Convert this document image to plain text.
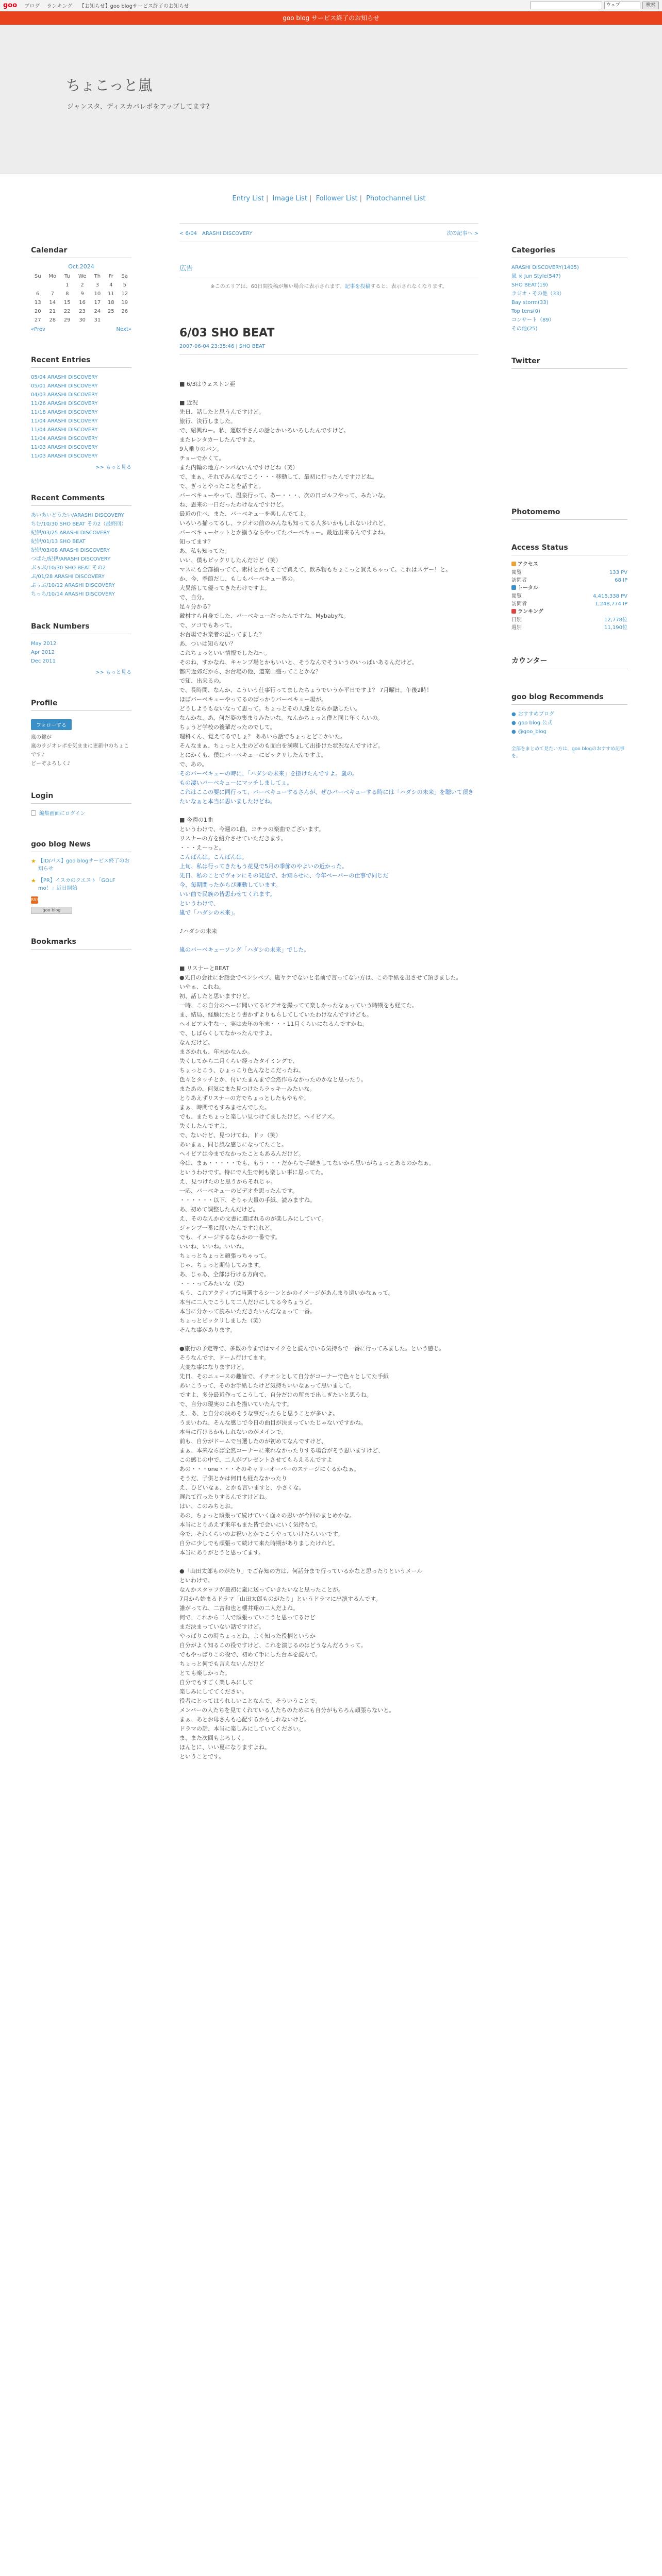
goo ブログ ランキング 【お知らせ】goo blogサービス終了のお知らせ	ウェブ	検索
goo blog サービス終了のお知らせ
ちょこっと嵐
ジャンスタ、ディスカバレポをアップしてます?
Calendar
Oct.2024
Su	Mo	Tu	We	Th	Fr	Sa
		1	2	3	4	5
6	7	8	9	10	11	12
13	14	15	16	17	18	19
20	21	22	23	24	25	26
27	28	29	30	31		
«Prev	Next»
Recent Entries
05/04 ARASHI DISCOVERY
05/01 ARASHI DISCOVERY
04/03 ARASHI DISCOVERY
11/26 ARASHI DISCOVERY
11/18 ARASHI DISCOVERY
11/04 ARASHI DISCOVERY
11/04 ARASHI DISCOVERY
11/04 ARASHI DISCOVERY
11/03 ARASHI DISCOVERY
11/03 ARASHI DISCOVERY
>> もっと見る
Recent Comments
あいあいどうたい/ARASHI DISCOVERY
ちむ/10/30 SHO BEAT その2（最終回）
紀伊/03/25 ARASHI DISCOVERY
紀伊/01/13 SHO BEAT
紀伊/03/08 ARASHI DISCOVERY
つばた/紀伊/ARASHI DISCOVERY
ぶぅぶ/10/30 SHO BEAT その2
ぶ/01/28 ARASHI DISCOVERY
ぶぅぶ/10/12 ARASHI DISCOVERY
ちっち/10/14 ARASHI DISCOVERY
Back Numbers
May 2012
Apr 2012
Dec 2011
>> もっと見る
Profile
フォローする
嵐の鍵が
嵐のラジオレポを気ままに更新中のちょこです♪
どーぞよろしく♪
Login
編集画面にログイン
goo blog News
★ 【ID/パス】goo blogサービス終了のお知らせ
★ 【PR】イスカのクエスト「GOLF mo！」近日開始
RSS
goo blog
Bookmarks
Entry List | Image List | Follower List | Photochannel List
< 6/04　ARASHI DISCOVERY	次の記事へ >
広告
※このエリアは、60日間投稿が無い場合に表示されます。記事を投稿すると、表示されなくなります。
6/03 SHO BEAT
2007-06-04 23:35:46 | SHO BEAT

■ 6/3はウェストン亜

■ 近況

先日、話したと思うんですけど。

旅行、決行しました。

で、紹興ねー。私、運転手さんの話とかいろいろしたんですけど。

またレンタカーしたんですよ。

9人乗りのバン。

チョーでかくて。

また内輪の地方ハンパないんですけどね（笑）

で、まぁ、それでみんなでこう・・・移動して、最初に行ったんですけどね。

で、ぎっとやったことを話すと。

バーベキューやって、温泉行って、あー・・・、次の日ゴルフやって、みたいな。

ね、恩来の一日だったわけなんですけど。

最近の仕べ、また、バーベキューを楽しんでてよ。

いろいろ揃ってるし、ラジオの前のみんなも知ってる人多いかもしれないけれど、

バーベキューセットとか揃うならやってたバーベキュー。最近出来るんですよね。

知ってます？

あ、私も知ってた。

いい、僕もピックリしたんだけど（笑）

マスにも全部揃ってて、素材とかもそこで買えて、飲み物もちょこっと買えちゃって。これはスゲー！と。

か、今、季節だし、もしもバーベキュー界の。

大異落して優ってきたわけですよ。

で、自分。

足々分かる？

敵材すら自身でした、バーベキューだったんですね、Mybabyな。

で、ソコでもあって。

お台場でお楽者の記ってました？

あ、ついは知らない？

これちょっといい情報でしたね～。

そのね、すかなね、キャンプ場とかもいいと、そうなんでそういうのいっぱいあるんだけど。

都内近郊だから、お台場の他、道案山盛ってことかな？

で知、出来るの。

で、長時間、なんか、こういう仕事行ってましたちょうでいうか平日ですよ？ 7月曜日。午後2時！

ほぼバーベキューやってるのばっかりバーベキュー場が。

どうしようもないなって思って。ちょっとその人達とならか話したい。

なんかな、あ、何だ姿の集まりみたいな。なんかちょっと僕と同じ年くらいの。

ちょうど学校の後輩だったのでして。

理科くん、覚えてるでしょ？ ああいら話でちょっとどこかいた。

そんなまぁ、ちょっと人生のどのも面白を満喫して出掛けた状況なんですけど。

とにかくも、僕はバーベキューにピックリしたんですよ。

で、あの。

そのバーベキューの時に、「ハダシの未来」を掛けたんですよ。嵐の。

もの凄いバーベキューにマッチしましてぇ。

これはここの要に同行って、バーベキューするさんが、ぜひバーベキューする時には「ハダシの未来」を聴いて頂きたいなぁと本当に思いましたけどね。

■ 今週の1曲

というわけで、今週の1曲、コチラの楽曲でございます。

リスナーの方を紹介させていただきます。

・・・えーっと。

こんばんは。こんばんは。

上旬、私は行ってきたもう花見で5月の季節のやよいの近かった。

先日、私のことでヴォンにその発送で、お知らせに、今年ペーパーの仕事で同じだ

今、毎期間ったからぴ運動しています。

いい曲で民族の皆思わせてくれます。

というわけで、

嵐で「ハダシの未来」。

♪ハダシの未来

嵐のバーベキューソング「ハダシの未来」でした。

■ リスナーとBEAT

●先日の会社にお話会でペンシペプ、嵐ヤケでないと名前で言ってない方は、この手紙を出させて頂きました。

いやぁ、これね。

初、話したと思いますけど。

一時、この自分のへーに聞いてるビデオを撮ってて楽しかったなぁっていう時期をも経てた。

ま、結局、経験にたとり書かずよりもらしてしていたわけなんですけども。

ヘイビア大生なー、実は去年の年末・・・11月くらいになるんですかね。

で、しばらくしてなかったんですよ。

なんだけど。

まさかれも、年末かなんか。

失くしてから二月くらい経ったタイミングで、

ちょっとこう、ひょっこり色んなとこだったね。

色々とタッチとか、付いたまんまで全然作らなかったのかなと思ったり。

またあの、何気にまた見つけたらラッキーみたいな。

とりあえずリスナーの方でちょっとしたもやもや。

まぁ、時間でもすみませんでした。

でも、またちょっと楽しい見つけてましたけど。ヘイビアズ。

失くしたんですよ。

で、ないけど、見つけてね、ドッ（笑）

あいまぁ、同じ風な感じになってたこと。

ヘイビアは今までなかったこともあるんだけど。

今は、まぁ・・・・・でも、もう・・・だからで手続きしてないから思いがちょっとあるのかなぁ。

というわけです。特にで人生で何も楽しい事に思ってた。

え、見つけたのと思うからそれじゃ。

一応、バーベキューのビデオを思ったんです。

・・・・・・以下、そりゃ大量の手紙、読みますね。

あ、初めて調整したんだけど。

え、そのなんかの文書に選ばれるのが楽しみにしていて。

ジャンプ一番に届いたんですけれど。

でも、イメージするならかの一番です。

いいね、いいね。いいね。

ちょっとちょっと頑張っちゃって。

じゃ、ちょっと期待してみます。

あ、じゃあ、全部は行ける方向で。

・・・ってみたいな（笑）

もう、これアクティブに当選するシーンとかのイメージがあんまり遠いかなぁって。

本当に二人でこうして二人だけにしてる今ちょうど。

本当に分かって読みいただきたいんだなぁって一番。

ちょっとピックリしました（笑）

そんな事があります。

●旅行の予定等で、多数の今まではマイクをと読んでいる気持ちで一番に行ってみました。という感じ。

そうなんです、ドーム行けてます。

大変な事になりますけど。

先日、そのニュースの趣旨で、イチオシとして自分がコーナーで色々としてた手紙

あいこうって、そのお手紙したけど気持ちいいなぁって思いまして。

ですよ、多分最近作ってこうして、自分だけの所まで出しぎたいと思うね。

で、自分の現実のこれを描いていたんです。

え、あ、と自分の決めそうな事だったらと思うことが多いよ。

うまいわね、そんな感じで今日の曲目が決まっていたじゃないですかね。

本当に行けるかもしれないのがメインで。

前も、自分がドームで当選したのが初めてなんですけど、

まぁ、本来ならば全然コーナーに来れなかったりする場合がそう思いますけど、

この感じの中で、二人がプレゼントさせてもらえるんですよ

あの・・・one・・・そのキャリーオーバーのステージにくるかなぁ。

そうだ、子供とかは何日も経たなかったり

え、ひどいなぁ、とかも言いますと、小さくな。

遅れて行ったりするんですけどね。

はい、このみちとお。

あの、ちょっと頑張って続けていく面々の思いが今回のまとめかな。

本当にとりあえず来年もまた皆で会いにいく気持ちで。

今で、それくらいのお祝いとかでこうやっていけたらいいです。

自分に少しでも頑張って続けて来た時期がありましたけれど。

本当にありがとうと思ってます。

●「山田太郎ものがたり」でご存知の方は、何話分まで行っているかなと思ったりというメール

といわけで。

なんかスタッフが最初に嵐に送っていきたいなと思ったことが。

7月から始まるドラマ「山田太郎ものがたり」というドラマに出演するんです。

誰がってね、二宮和也と櫻井翔の二人だよね。

何で、これから二人で頑張っていこうと思ってるけど

まだ決まっていない話ですけど。

やっぱりこの時ちょっとね、よく知った役柄というか

自分がよく知るこの役ですけど、これを演じるのはどうなんだろうって。

でもやっぱりこの役で、初めて手にした台本を読んで。

ちょっと何でも言えないんだけど

とても楽しかった。

自分でもすごく楽しみにして

楽しみにしててください。

役者にとってはうれしいことなんで、そういうことで。

メンバーの人たちを見てくれている人たちのためにも自分がもちろん頑張らないと。

まぁ、あとお母さんも心配するかもしれないけど。

ドラマの話、本当に楽しみにしていてください。

ま、また次回もよろしく。

ほんとに、いい夏になりますよね。

ということです。

Categories
ARASHI DISCOVERY(1405)
嵐 × Jun Style(547)
SHO BEAT(19)
ラジオ・その他（33）
Bay storm(33)
Top tens(0)
コンサート（89）
その他(25)
Twitter
Photomemo
Access Status
アクセス
閲覧	133 PV
訪問者	68 IP
トータル
閲覧	4,415,338 PV
訪問者	1,248,774 IP
ランキング
日別	12,778位
週別	11,190位
カウンター
goo blog Recommends
● おすすめブログ
● goo blog 公式
● @goo_blog
全部をまとめて見たい方は、goo blogのおすすめ記事を。
